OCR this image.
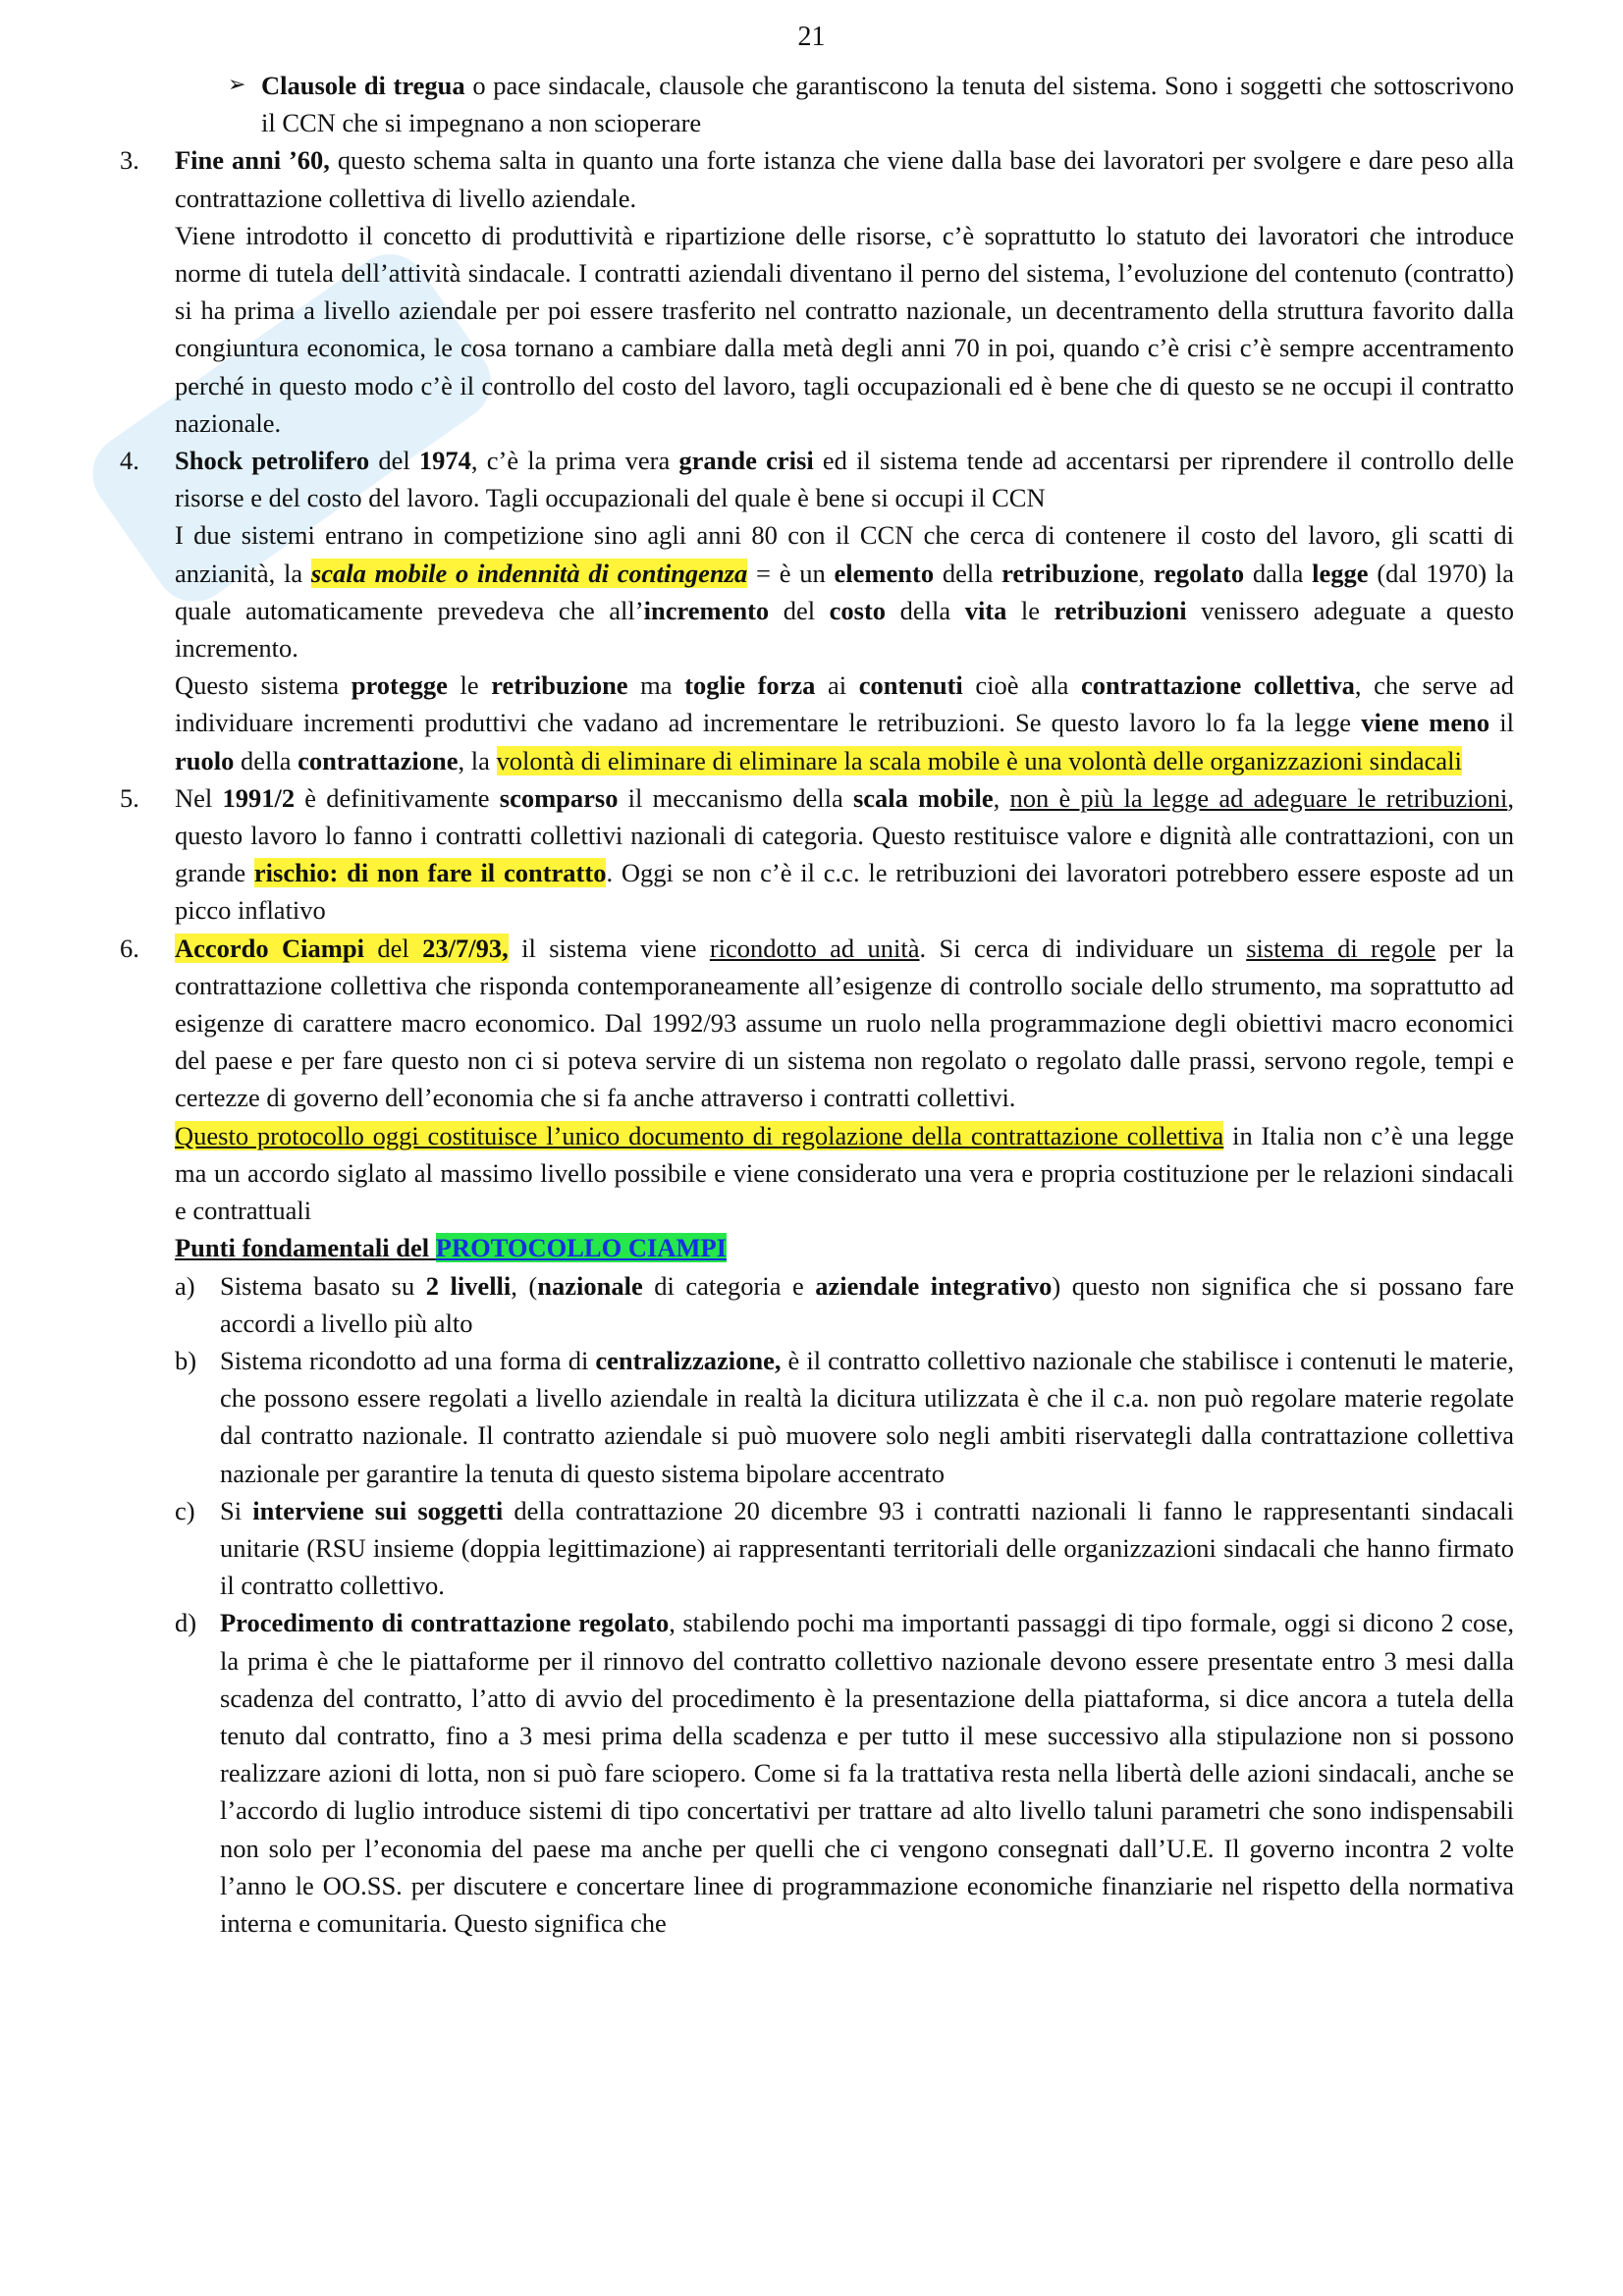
21
➢ Clausole di tregua o pace sindacale, clausole che garantiscono la tenuta del sistema. Sono i soggetti che sottoscrivono il CCN che si impegnano a non scioperare

3.	Fine anni ’60, questo schema salta in quanto una forte istanza che viene dalla base dei lavoratori per svolgere e dare peso alla contrattazione collettiva di livello aziendale.

Viene introdotto il concetto di produttività e ripartizione delle risorse, c’è soprattutto lo statuto dei lavoratori che introduce norme di tutela dell’attività sindacale. I contratti aziendali diventano il perno del sistema, l’evoluzione del contenuto (contratto) si ha prima a livello aziendale per poi essere trasferito nel contratto nazionale, un decentramento della struttura favorito dalla congiuntura economica, le cosa tornano a cambiare dalla metà degli anni 70 in poi, quando c’è crisi c’è sempre accentramento perché in questo modo c’è il controllo del costo del lavoro, tagli occupazionali ed è bene che di questo se ne occupi il contratto nazionale.

4.	Shock petrolifero del 1974, c’è la prima vera grande crisi ed il sistema tende ad accentarsi per riprendere il controllo delle risorse e del costo del lavoro. Tagli occupazionali del quale è bene si occupi il CCN

I due sistemi entrano in competizione sino agli anni 80 con il CCN che cerca di contenere il costo del lavoro, gli scatti di anzianità, la scala mobile o indennità di contingenza = è un elemento della retribuzione, regolato dalla legge (dal 1970) la quale automaticamente prevedeva che all’incremento del costo della vita le retribuzioni venissero adeguate a questo incremento.

Questo sistema protegge le retribuzione ma toglie forza ai contenuti cioè alla contrattazione collettiva, che serve ad individuare incrementi produttivi che vadano ad incrementare le retribuzioni. Se questo lavoro lo fa la legge viene meno il ruolo della contrattazione, la volontà di eliminare di eliminare la scala mobile è una volontà delle organizzazioni sindacali

5.	Nel 1991/2 è definitivamente scomparso il meccanismo della scala mobile, non è più la legge ad adeguare le retribuzioni, questo lavoro lo fanno i contratti collettivi nazionali di categoria. Questo restituisce valore e dignità alle contrattazioni, con un grande rischio: di non fare il contratto. Oggi se non c’è il c.c. le retribuzioni dei lavoratori potrebbero essere esposte ad un picco inflativo

6.	Accordo Ciampi del 23/7/93, il sistema viene ricondotto ad unità. Si cerca di individuare un sistema di regole per la contrattazione collettiva che risponda contemporaneamente all’esigenze di controllo sociale dello strumento, ma soprattutto ad esigenze di carattere macro economico. Dal 1992/93 assume un ruolo nella programmazione degli obiettivi macro economici del paese e per fare questo non ci si poteva servire di un sistema non regolato o regolato dalle prassi, servono regole, tempi e certezze di governo dell’economia che si fa anche attraverso i contratti collettivi.

Questo protocollo oggi costituisce l’unico documento di regolazione della contrattazione collettiva in Italia non c’è una legge ma un accordo siglato al massimo livello possibile e viene considerato una vera e propria costituzione per le relazioni sindacali e contrattuali

Punti fondamentali del PROTOCOLLO CIAMPI

a) Sistema basato su 2 livelli, (nazionale di categoria e aziendale integrativo) questo non significa che si possano fare accordi a livello più alto

b) Sistema ricondotto ad una forma di centralizzazione, è il contratto collettivo nazionale che stabilisce i contenuti le materie, che possono essere regolati a livello aziendale in realtà la dicitura utilizzata è che il c.a. non può regolare materie regolate dal contratto nazionale. Il contratto aziendale si può muovere solo negli ambiti riservategli dalla contrattazione collettiva nazionale per garantire la tenuta di questo sistema bipolare accentrato

c) Si interviene sui soggetti della contrattazione 20 dicembre 93 i contratti nazionali li fanno le rappresentanti sindacali unitarie (RSU insieme (doppia legittimazione) ai rappresentanti territoriali delle organizzazioni sindacali che hanno firmato il contratto collettivo.

d) Procedimento di contrattazione regolato, stabilendo pochi ma importanti passaggi di tipo formale, oggi si dicono 2 cose, la prima è che le piattaforme per il rinnovo del contratto collettivo nazionale devono essere presentate entro 3 mesi dalla scadenza del contratto, l’atto di avvio del procedimento è la presentazione della piattaforma, si dice ancora a tutela della tenuto dal contratto, fino a 3 mesi prima della scadenza e per tutto il mese successivo alla stipulazione non si possono realizzare azioni di lotta, non si può fare sciopero. Come si fa la trattativa resta nella libertà delle azioni sindacali, anche se l’accordo di luglio introduce sistemi di tipo concertativi per trattare ad alto livello taluni parametri che sono indispensabili non solo per l’economia del paese ma anche per quelli che ci vengono consegnati dall’U.E. Il governo incontra 2 volte l’anno le OO.SS. per discutere e concertare linee di programmazione economiche finanziarie nel rispetto della normativa interna e comunitaria. Questo significa che
